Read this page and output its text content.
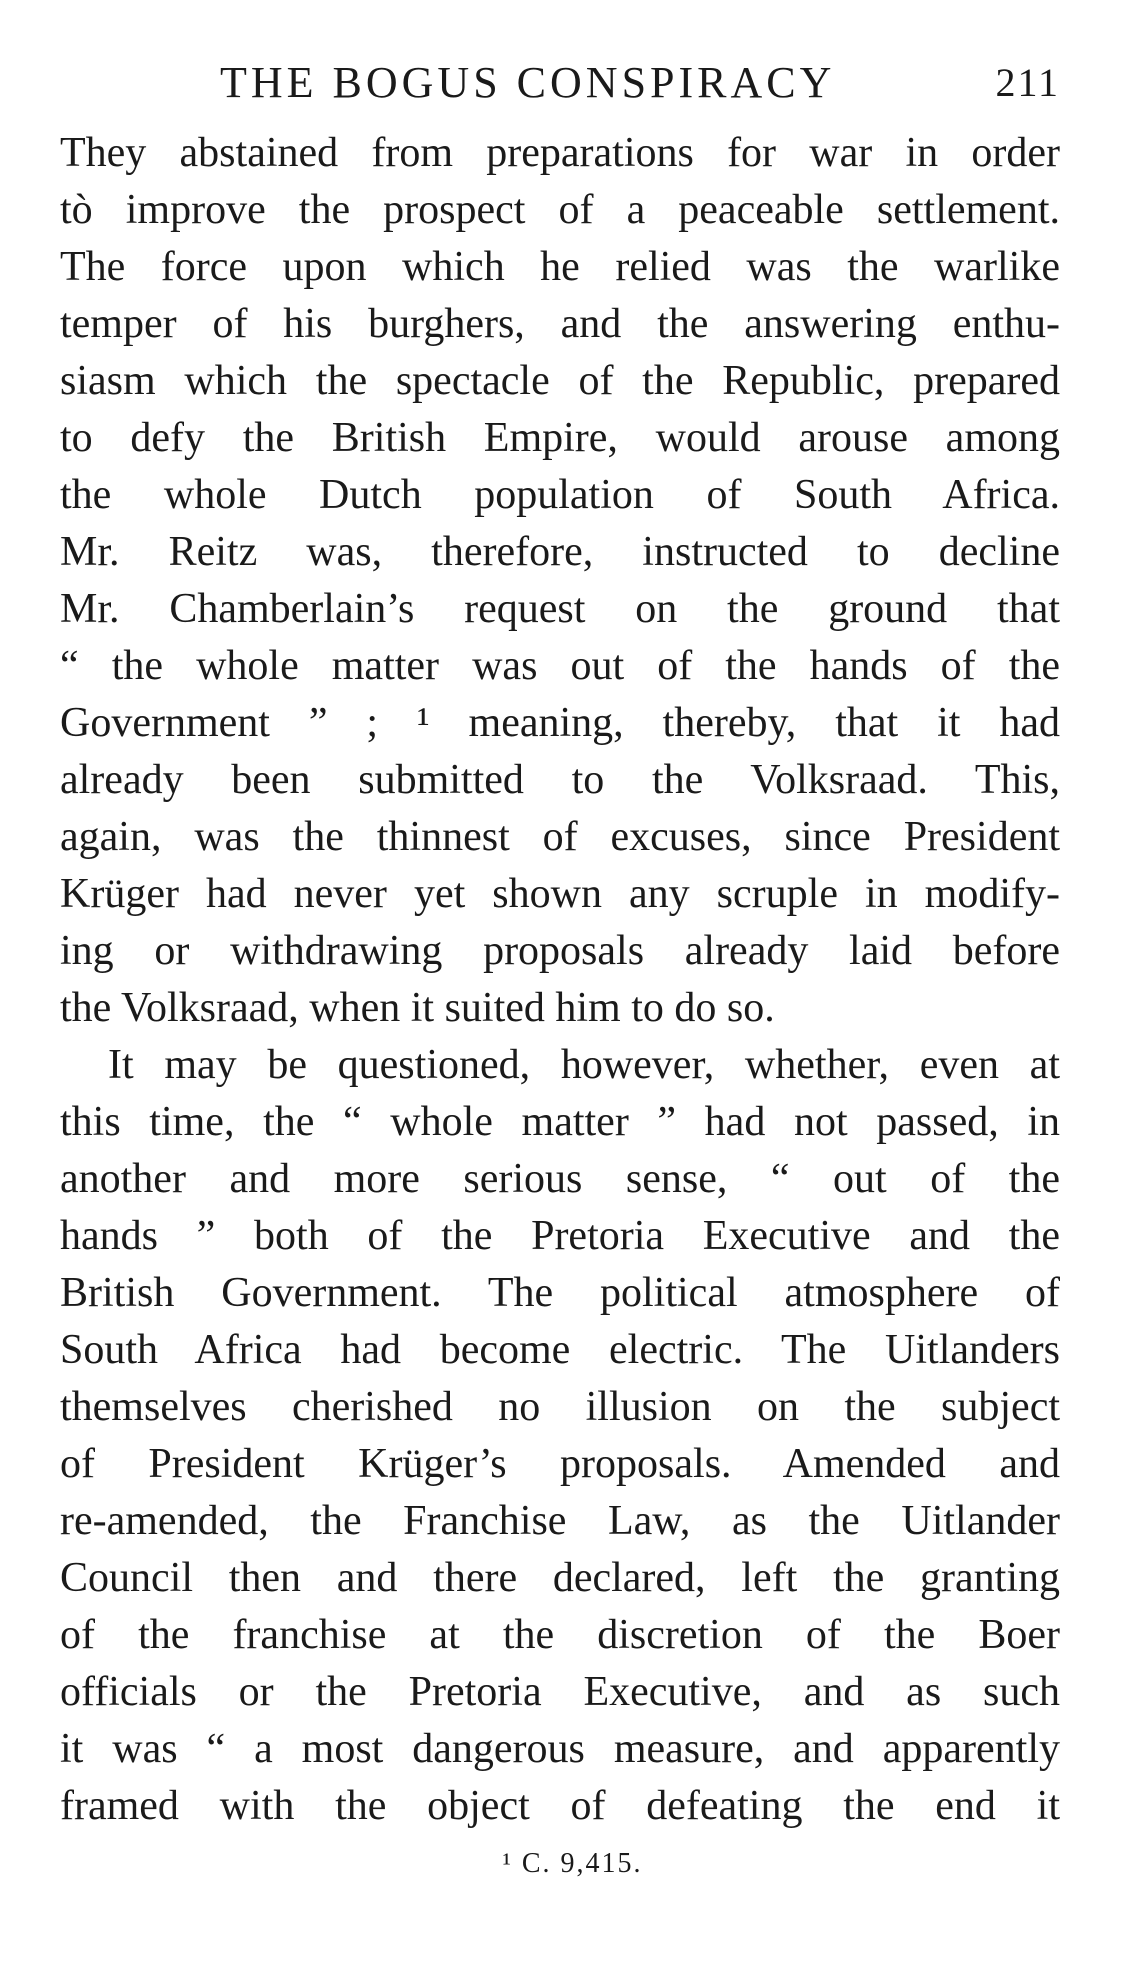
THE BOGUS CONSPIRACY	211
They abstained from preparations for war in order
tò improve the prospect of a peaceable settlement.
The force upon which he relied was the warlike
temper of his burghers, and the answering enthu-
siasm which the spectacle of the Republic, prepared
to defy the British Empire, would arouse among
the whole Dutch population of South Africa.
Mr. Reitz was, therefore, instructed to decline
Mr. Chamberlain’s request on the ground that
“ the whole matter was out of the hands of the
Government ” ; ¹ meaning, thereby, that it had
already been submitted to the Volksraad. This,
again, was the thinnest of excuses, since President
Krüger had never yet shown any scruple in modify-
ing or withdrawing proposals already laid before
the Volksraad, when it suited him to do so.
It may be questioned, however, whether, even at
this time, the “ whole matter ” had not passed, in
another and more serious sense, “ out of the
hands ” both of the Pretoria Executive and the
British Government. The political atmosphere of
South Africa had become electric. The Uitlanders
themselves cherished no illusion on the subject
of President Krüger’s proposals. Amended and
re-amended, the Franchise Law, as the Uitlander
Council then and there declared, left the granting
of the franchise at the discretion of the Boer
officials or the Pretoria Executive, and as such
it was “ a most dangerous measure, and apparently
framed with the object of defeating the end it
¹ C. 9,415.
